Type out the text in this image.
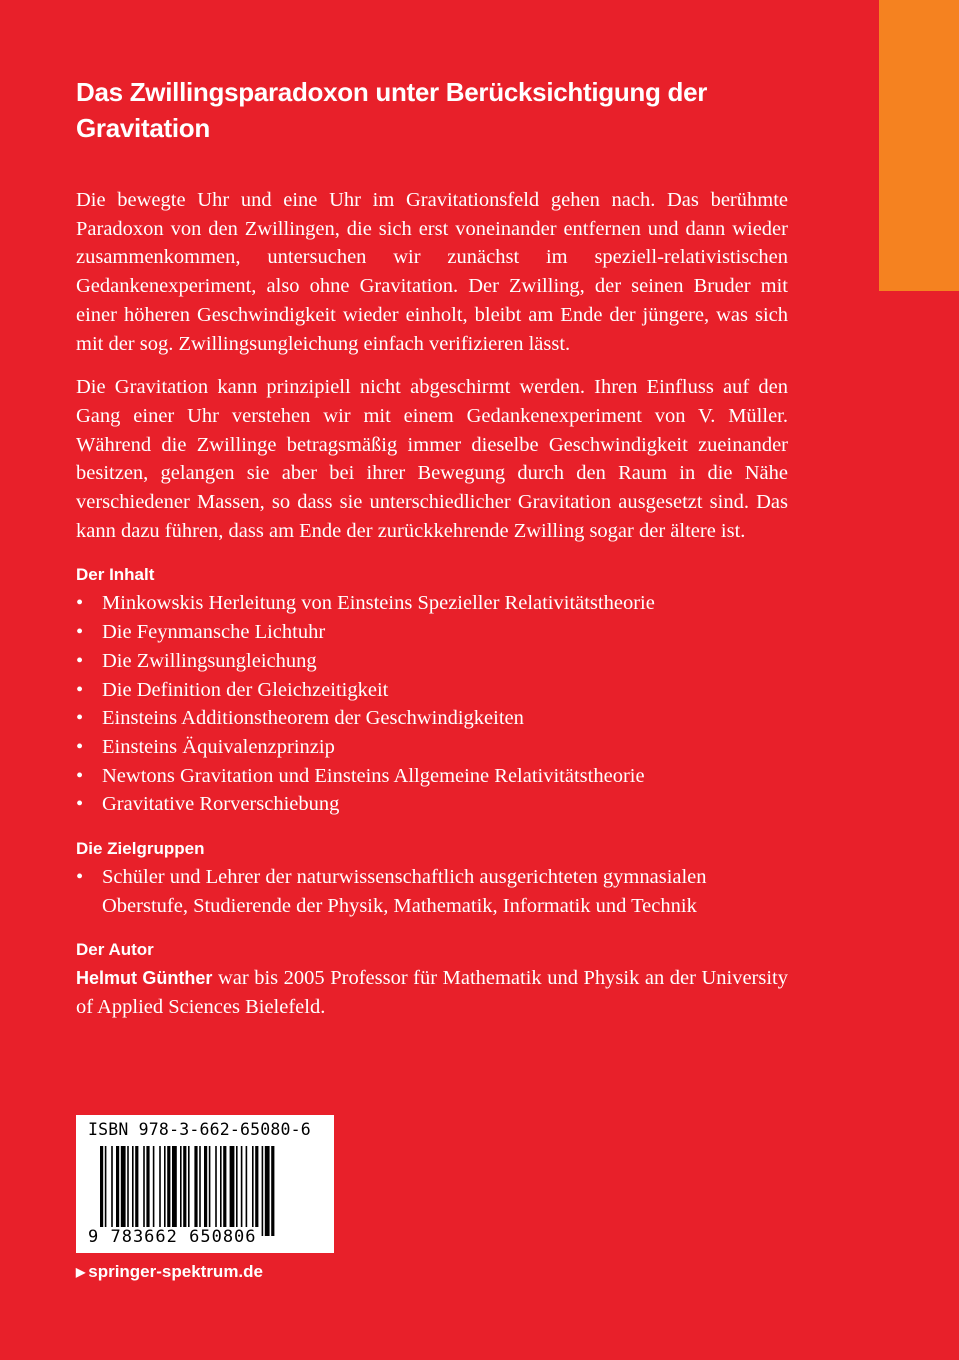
Das Zwillingsparadoxon unter Berücksichtigung der Gravitation

Die bewegte Uhr und eine Uhr im Gravitationsfeld gehen nach. Das berühmte Paradoxon von den Zwillingen, die sich erst voneinander entfernen und dann wieder zusammenkommen, untersuchen wir zunächst im speziell-relativistischen Gedankenexperiment, also ohne Gravitation. Der Zwilling, der seinen Bruder mit einer höheren Geschwindigkeit wieder einholt, bleibt am Ende der jüngere, was sich mit der sog. Zwillingsungleichung einfach verifizieren lässt.

Die Gravitation kann prinzipiell nicht abgeschirmt werden. Ihren Einfluss auf den Gang einer Uhr verstehen wir mit einem Gedankenexperiment von V. Müller. Während die Zwillinge betragsmäßig immer dieselbe Geschwindigkeit zueinander besitzen, gelangen sie aber bei ihrer Bewegung durch den Raum in die Nähe verschiedener Massen, so dass sie unterschiedlicher Gravitation ausgesetzt sind. Das kann dazu führen, dass am Ende der zurückkehrende Zwilling sogar der ältere ist.

Der Inhalt
• Minkowskis Herleitung von Einsteins Spezieller Relativitätstheorie
• Die Feynmansche Lichtuhr
• Die Zwillingsungleichung
• Die Definition der Gleichzeitigkeit
• Einsteins Additionstheorem der Geschwindigkeiten
• Einsteins Äquivalenzprinzip
• Newtons Gravitation und Einsteins Allgemeine Relativitätstheorie
• Gravitative Rorverschiebung
Die Zielgruppen
• Schüler und Lehrer der naturwissenschaftlich ausgerichteten gymnasialen Oberstufe, Studierende der Physik, Mathematik, Informatik und Technik
Der Autor

Helmut Günther war bis 2005 Professor für Mathematik und Physik an der University of Applied Sciences Bielefeld.

ISBN 978-3-662-65080-6
9 783662 650806
▶ springer-spektrum.de
